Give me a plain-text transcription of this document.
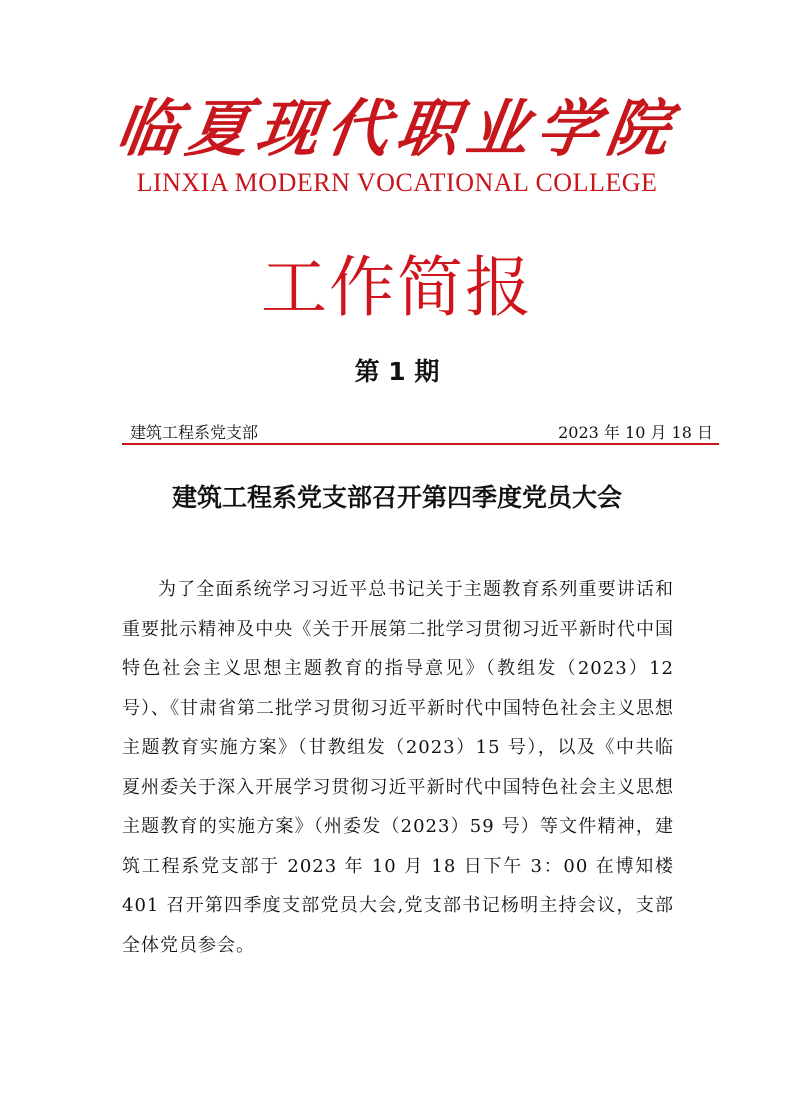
临夏现代职业学院
LINXIA MODERN VOCATIONAL COLLEGE
工作简报
第 1 期
建筑工程系党支部	2023 年 10 月 18 日
建筑工程系党支部召开第四季度党员大会
为了全面系统学习习近平总书记关于主题教育系列重要讲话和重要批示精神及中央《关于开展第二批学习贯彻习近平新时代中国特色社会主义思想主题教育的指导意见》（教组发（2023）12 号）、《甘肃省第二批学习贯彻习近平新时代中国特色社会主义思想主题教育实施方案》（甘教组发（2023）15 号），以及《中共临夏州委关于深入开展学习贯彻习近平新时代中国特色社会主义思想主题教育的实施方案》（州委发（2023）59 号）等文件精神，建筑工程系党支部于 2023 年 10 月 18 日下午 3：00 在博知楼 401 召开第四季度支部党员大会,党支部书记杨明主持会议，支部全体党员参会。
